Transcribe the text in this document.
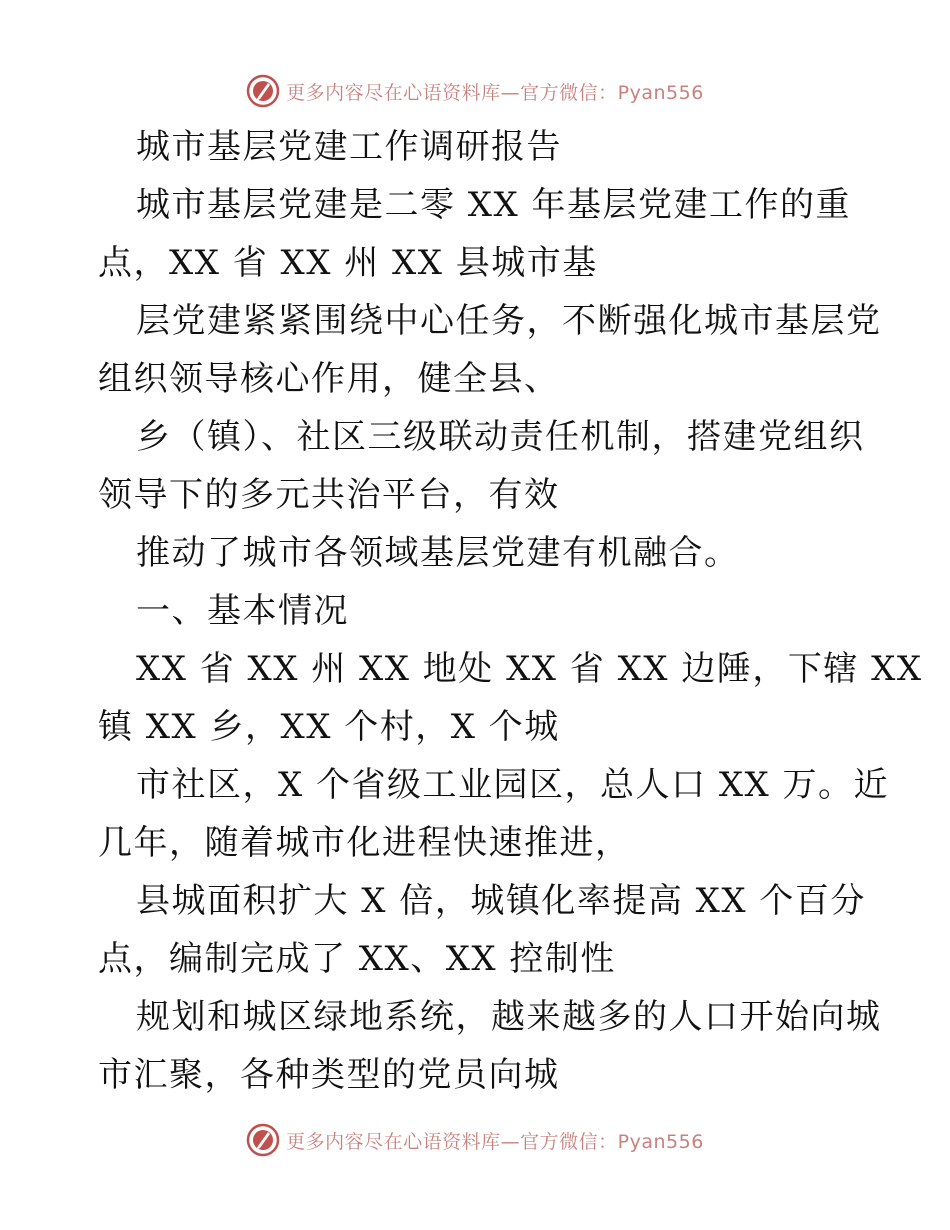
更多内容尽在心语资料库—官方微信：Pyan556
城市基层党建工作调研报告
城市基层党建是二零 XX 年基层党建工作的重
点，XX 省 XX 州 XX 县城市基
层党建紧紧围绕中心任务，不断强化城市基层党
组织领导核心作用，健全县、
乡（镇）、社区三级联动责任机制，搭建党组织
领导下的多元共治平台，有效
推动了城市各领域基层党建有机融合。
一、基本情况
XX 省 XX 州 XX 地处 XX 省 XX 边陲，下辖 XX
镇 XX 乡，XX 个村，X 个城
市社区，X 个省级工业园区，总人口 XX 万。近
几年，随着城市化进程快速推进，
县城面积扩大 X 倍，城镇化率提高 XX 个百分
点，编制完成了 XX、XX 控制性
规划和城区绿地系统，越来越多的人口开始向城
市汇聚，各种类型的党员向城
更多内容尽在心语资料库—官方微信：Pyan556
